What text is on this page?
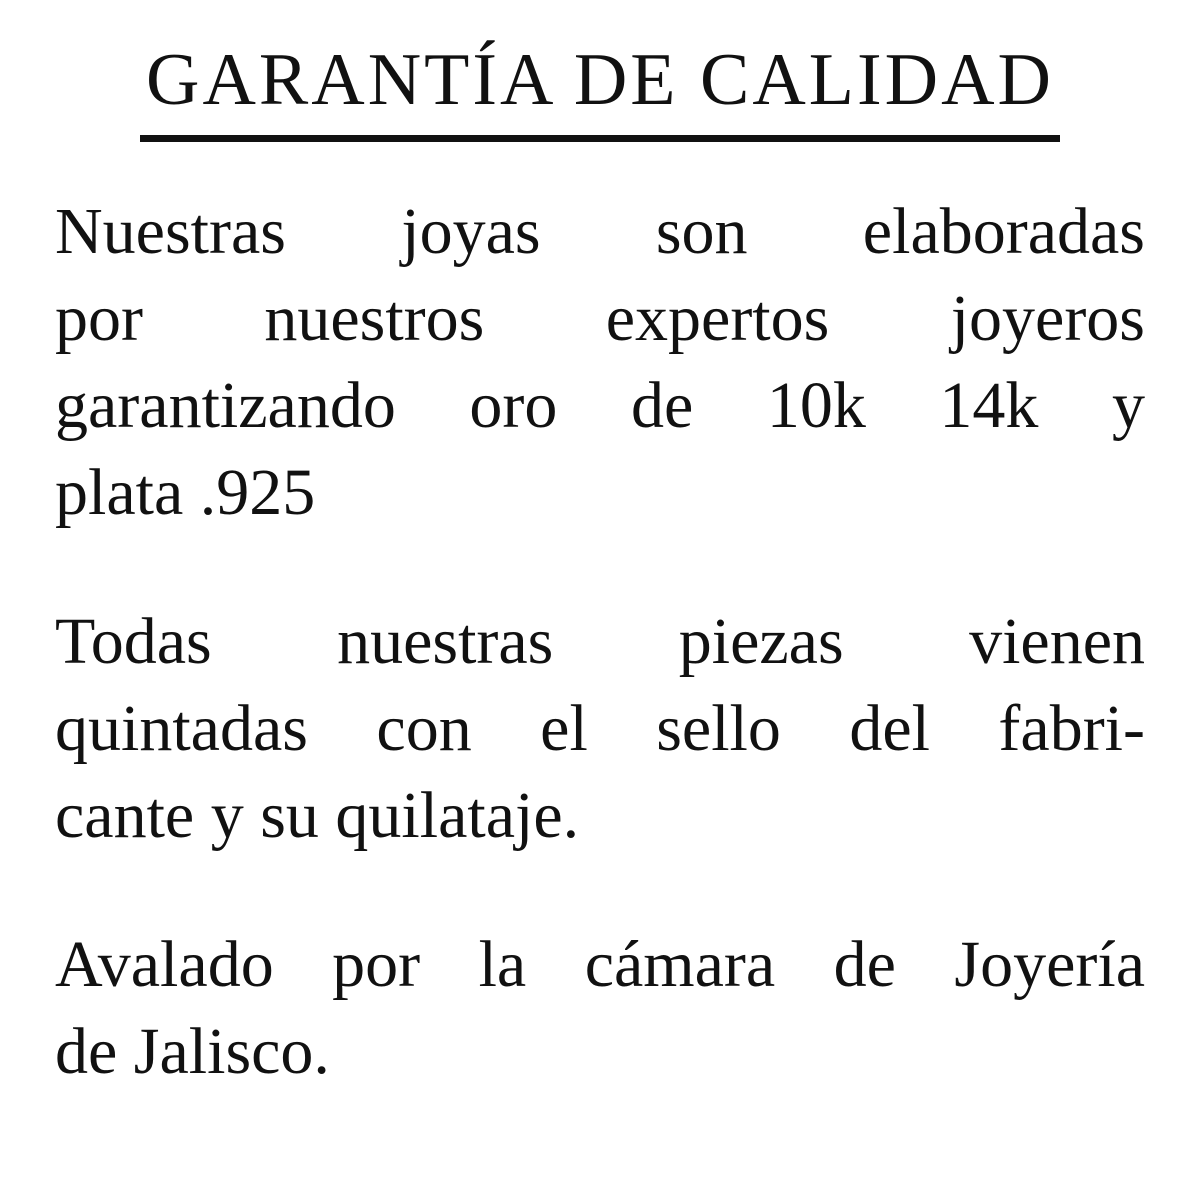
GARANTÍA DE CALIDAD
Nuestras joyas son elaboradas
por nuestros expertos joyeros
garantizando oro de 10k 14k y
plata .925
Todas nuestras piezas vienen
quintadas con el sello del fabri-
cante y su quilataje.
Avalado por la cámara de Joyería
de Jalisco.
